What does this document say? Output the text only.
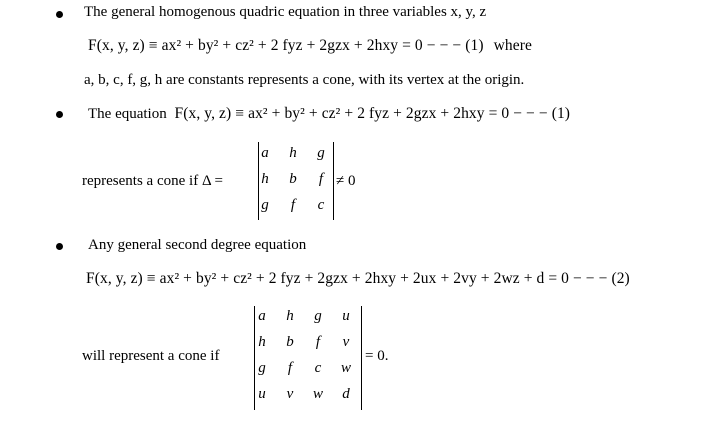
The general homogenous quadric equation in three variables x, y, z
F(x, y, z) ≡ ax² + by² + cz² + 2 fyz + 2gzx + 2hxy = 0 − − − (1) where
a, b, c, f, g, h are constants represents a cone, with its vertex at the origin.
The equation F(x, y, z) ≡ ax² + by² + cz² + 2 fyz + 2gzx + 2hxy = 0 − − − (1)
represents a cone if Δ =
a	h	g
h	b	f
g	f	c
≠ 0
Any general second degree equation
F(x, y, z) ≡ ax² + by² + cz² + 2 fyz + 2gzx + 2hxy + 2ux + 2vy + 2wz + d = 0 − − − (2)
will represent a cone if
a	h	g	u
h	b	f	v
g	f	c	w
u	v	w	d
= 0.
